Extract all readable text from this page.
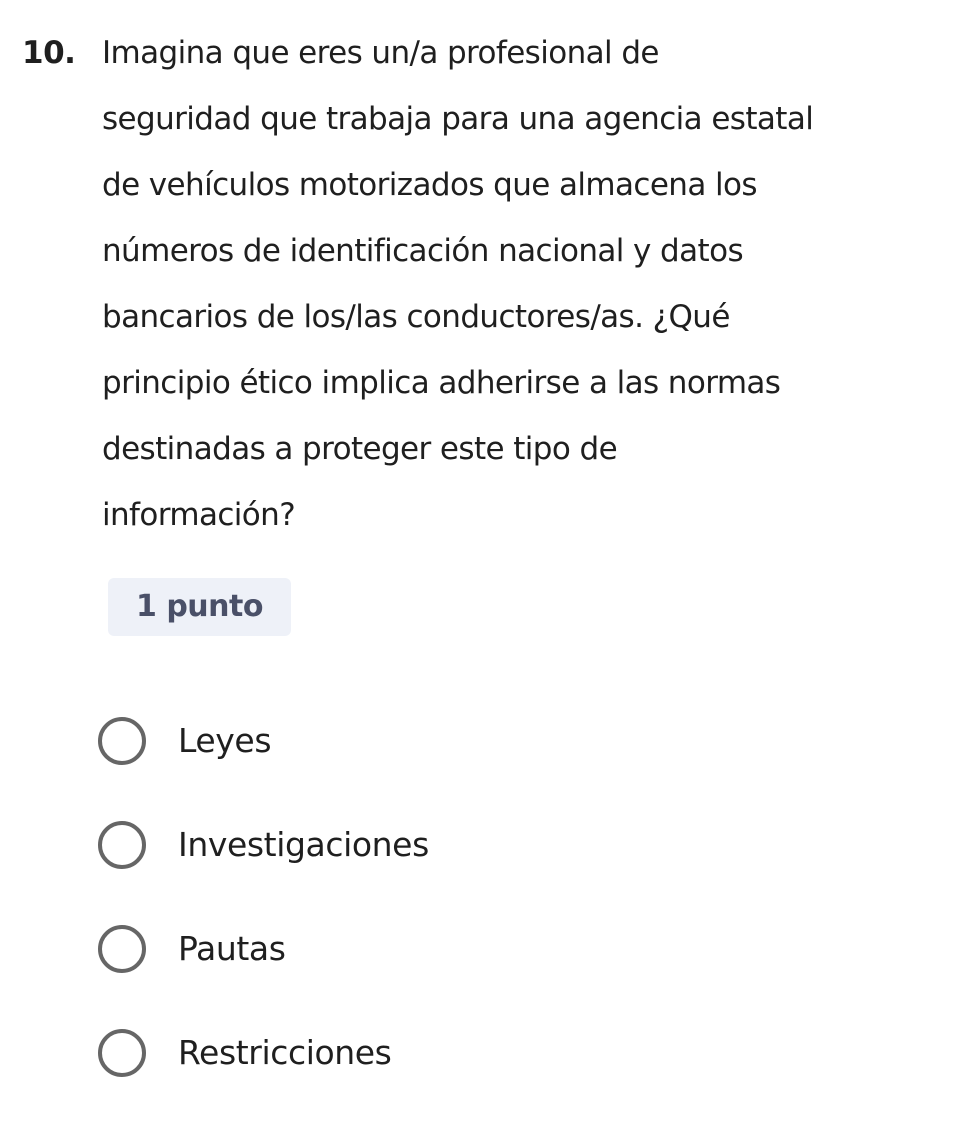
10. Imagina que eres un/a profesional de
seguridad que trabaja para una agencia estatal
de vehículos motorizados que almacena los
números de identificación nacional y datos
bancarios de los/las conductores/as. ¿Qué
principio ético implica adherirse a las normas
destinadas a proteger este tipo de
información?

1 punto
Leyes
Investigaciones
Pautas
Restricciones
